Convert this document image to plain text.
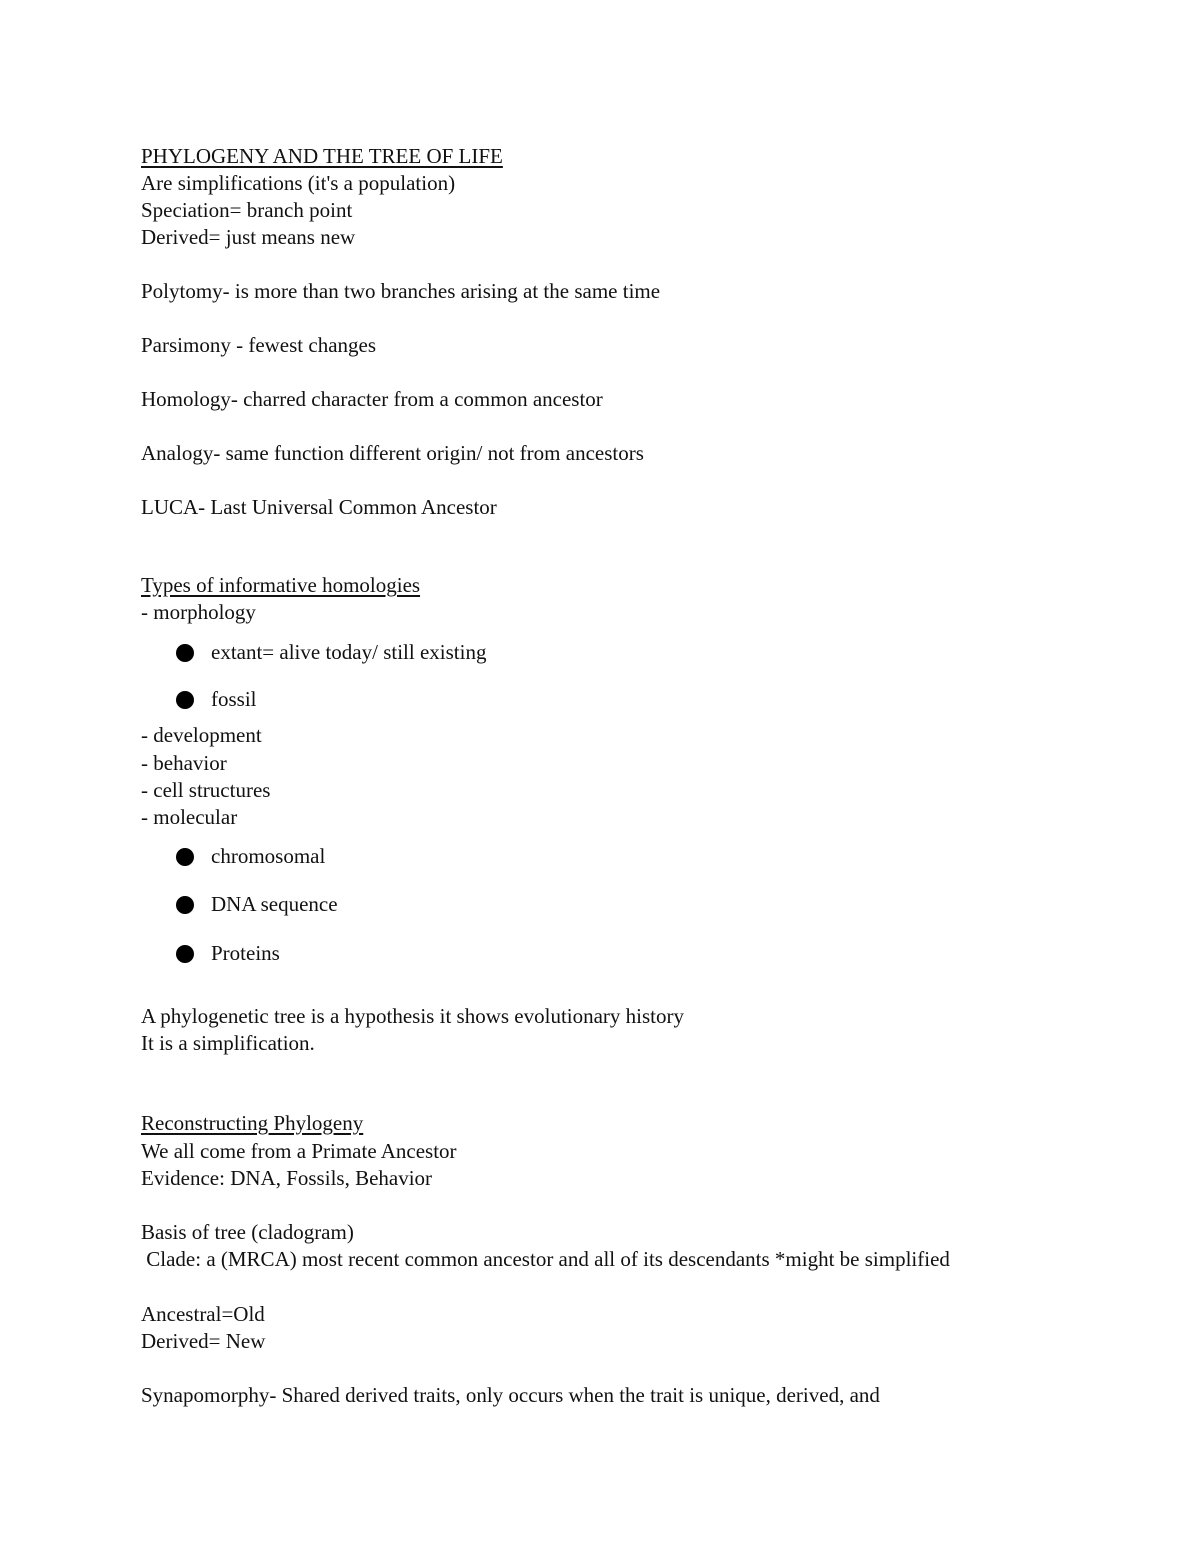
PHYLOGENY AND THE TREE OF LIFE
Are simplifications (it's a population)
Speciation= branch point
Derived= just means new
Polytomy- is more than two branches arising at the same time
Parsimony - fewest changes
Homology- charred character from a common ancestor
Analogy- same function different origin/ not from ancestors
LUCA- Last Universal Common Ancestor
Types of informative homologies
- morphology
extant= alive today/ still existing
fossil
- development
- behavior
- cell structures
- molecular
chromosomal
DNA sequence
Proteins
A phylogenetic tree is a hypothesis it shows evolutionary history
It is a simplification.
Reconstructing Phylogeny
We all come from a Primate Ancestor
Evidence: DNA, Fossils, Behavior
Basis of tree (cladogram)
Clade: a (MRCA) most recent common ancestor and all of its descendants *might be simplified
Ancestral=Old
Derived= New
Synapomorphy- Shared derived traits, only occurs when the trait is unique, derived, and
